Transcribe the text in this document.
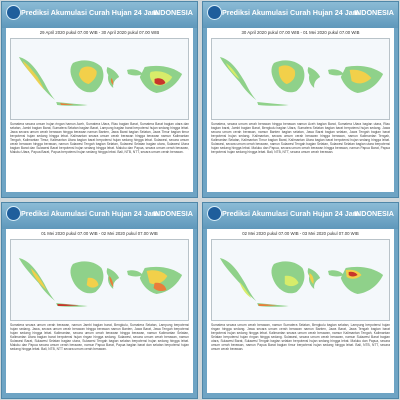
Prediksi Akumulasi Curah Hujan 24 Jam
INDONESIA
29 April 2020 pukul 07.00 WIB - 30 April 2020 pukul 07.00 WIB
Sumatera secara umum hujan ringan hamun Aceh, Sumatera Utara, Riau bagian Barat, Sumatera Barat bagian utara dan selatan, Jambi bagian Barat, Sumatera Selatan bagian Barat, Lampung bagian barat berpotensi hujan sedang hingga lebat. Jawa secara umum cerah berawan hingga berawan namun Banten, Jawa Barat bagian Selatan, Jawa Timur bagian timur berpotensi hujan sedang hingga lebat. Kalimantan secara umum cerah berawan hingga berawan namun Kalimantan Tengah, Kalimantan Timur, Kalimantan Utara bagian barat berpotensi hujan sedang hingga lebat. Sulawesi, secara umum cerah berawan hingga berawan, namun Sulawesi Tengah bagian Selatan, Sulawesi Selatan bagian utara, Sulawesi Utara bagian Barat dan Sulawesi Barat berpotensi hujan sedang hingga lebat. Maluku dan Papua, secara umum cerah berawan, Maluku Utara, Papua Barat, Papua berpotensi hujan sedang hingga lebat. Bali, NTB, NTT, secara umum cerah berawan.
Prediksi Akumulasi Curah Hujan 24 Jam
INDONESIA
30 April 2020 pukul 07.00 WIB - 01 Mei 2020 pukul 07.00 WIB
Sumatera, secara umum cerah berawan hingga berawan namun Aceh bagian Barat, Sumatera Utara bagian utara, Riau bagian barat, Jambi bagian Barat, Bengkulu bagian Utara, Sumatera Selatan bagian barat berpotensi hujan sedang. Jawa secara umum cerah berawan, namun Banten bagian selatan, Jawa Barat bagian selatan, Jawa Tengah bagian barat berpotensi hujan sedang. Kalimantan, secara umum cerah berawan hingga berawan, namun Kalimantan Tengah, Kalimantan Selatan, Kalimantan Timur bagian Barat, Kalimantan Utara bagian barat berpotensi hujan sedang hingga lebat. Sulawesi, secara umum cerah berawan, namun Sulawesi Tengah bagian Selatan, Sulawesi Selatan bagian utara berpotensi hujan sedang hingga lebat. Maluku dan Papua, secara umum cerah berawan hingga berawan, namun Papua Barat, Papua berpotensi hujan sedang hingga lebat. Bali, NTB, NTT, secara umum cerah berawan.
Prediksi Akumulasi Curah Hujan 24 Jam
INDONESIA
01 Mei 2020 pukul 07.00 WIB - 02 Mei 2020 pukul 07.00 WIB
Sumatera secara umum cerah berawan, namun Jambi bagian barat, Bengkulu, Sumatera Selatan, Lampung berpotensi hujan sedang. Jawa, secara umum cerah berawan hingga berawan namun Banten, Jawa Barat, Jawa Tengah berpotensi hujan sedang hingga lebat. Kalimantan, secara umum cerah berawan hingga berawan, namun Kalimantan Selatan, Kalimantan Utara bagian barat berpotensi hujan ringan hingga sedang. Sulawesi, secara umum cerah berawan, namun Sulawesi Barat, Sulawesi Selatan bagian utara, Sulawesi Tengah bagian selatan berpotensi hujan sedang hingga lebat. Maluku dan Papua secara umum cerah berawan, namun Papua Barat, Papua bagian barat dan selatan berpotensi hujan sedang hingga lebat. Bali, NTB, NTT secara umum cerah berawan.
Prediksi Akumulasi Curah Hujan 24 Jam
INDONESIA
02 Mei 2020 pukul 07.00 WIB - 03 Mei 2020 pukul 07.00 WIB
Sumatera secara umum cerah berawan, namun Sumatera Selatan, Bengkulu bagian selatan, Lampung berpotensi hujan ringan hingga sedang. Jawa secara umum cerah berawan namun Banten, Jawa Barat, Jawa Tengah bagian barat berpotensi hujan sedang hingga lebat. Kalimantan secara umum cerah berawan, namun Kalimantan Tengah, Kalimantan Selatan berpotensi hujan ringan hingga sedang. Sulawesi, secara umum cerah berawan, namun Sulawesi Barat bagian utara, Sulawesi Barat, Sulawesi Tengah bagian selatan berpotensi hujan sedang hingga lebat. Maluku dan Papua, secara umum cerah berawan, namun Papua Barat bagian timur berpotensi hujan sedang hingga lebat. Bali, NTB, NTT, secara umum cerah berawan.
